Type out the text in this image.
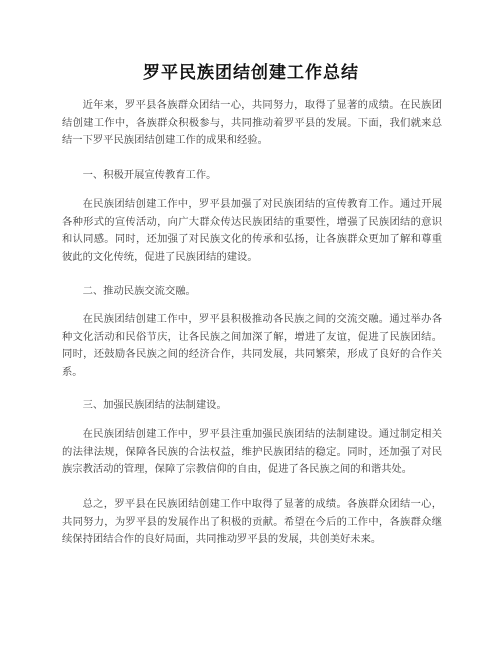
罗平民族团结创建工作总结

近年来，罗平县各族群众团结一心，共同努力，取得了显著的成绩。在民族团结创建工作中，各族群众积极参与，共同推动着罗平县的发展。下面，我们就来总结一下罗平民族团结创建工作的成果和经验。

一、积极开展宣传教育工作。

在民族团结创建工作中，罗平县加强了对民族团结的宣传教育工作。通过开展各种形式的宣传活动，向广大群众传达民族团结的重要性，增强了民族团结的意识和认同感。同时，还加强了对民族文化的传承和弘扬，让各族群众更加了解和尊重彼此的文化传统，促进了民族团结的建设。

二、推动民族交流交融。

在民族团结创建工作中，罗平县积极推动各民族之间的交流交融。通过举办各种文化活动和民俗节庆，让各民族之间加深了解，增进了友谊，促进了民族团结。同时，还鼓励各民族之间的经济合作，共同发展，共同繁荣，形成了良好的合作关系。

三、加强民族团结的法制建设。

在民族团结创建工作中，罗平县注重加强民族团结的法制建设。通过制定相关的法律法规，保障各民族的合法权益，维护民族团结的稳定。同时，还加强了对民族宗教活动的管理，保障了宗教信仰的自由，促进了各民族之间的和谐共处。

总之，罗平县在民族团结创建工作中取得了显著的成绩。各族群众团结一心，共同努力，为罗平县的发展作出了积极的贡献。希望在今后的工作中，各族群众继续保持团结合作的良好局面，共同推动罗平县的发展，共创美好未来。
